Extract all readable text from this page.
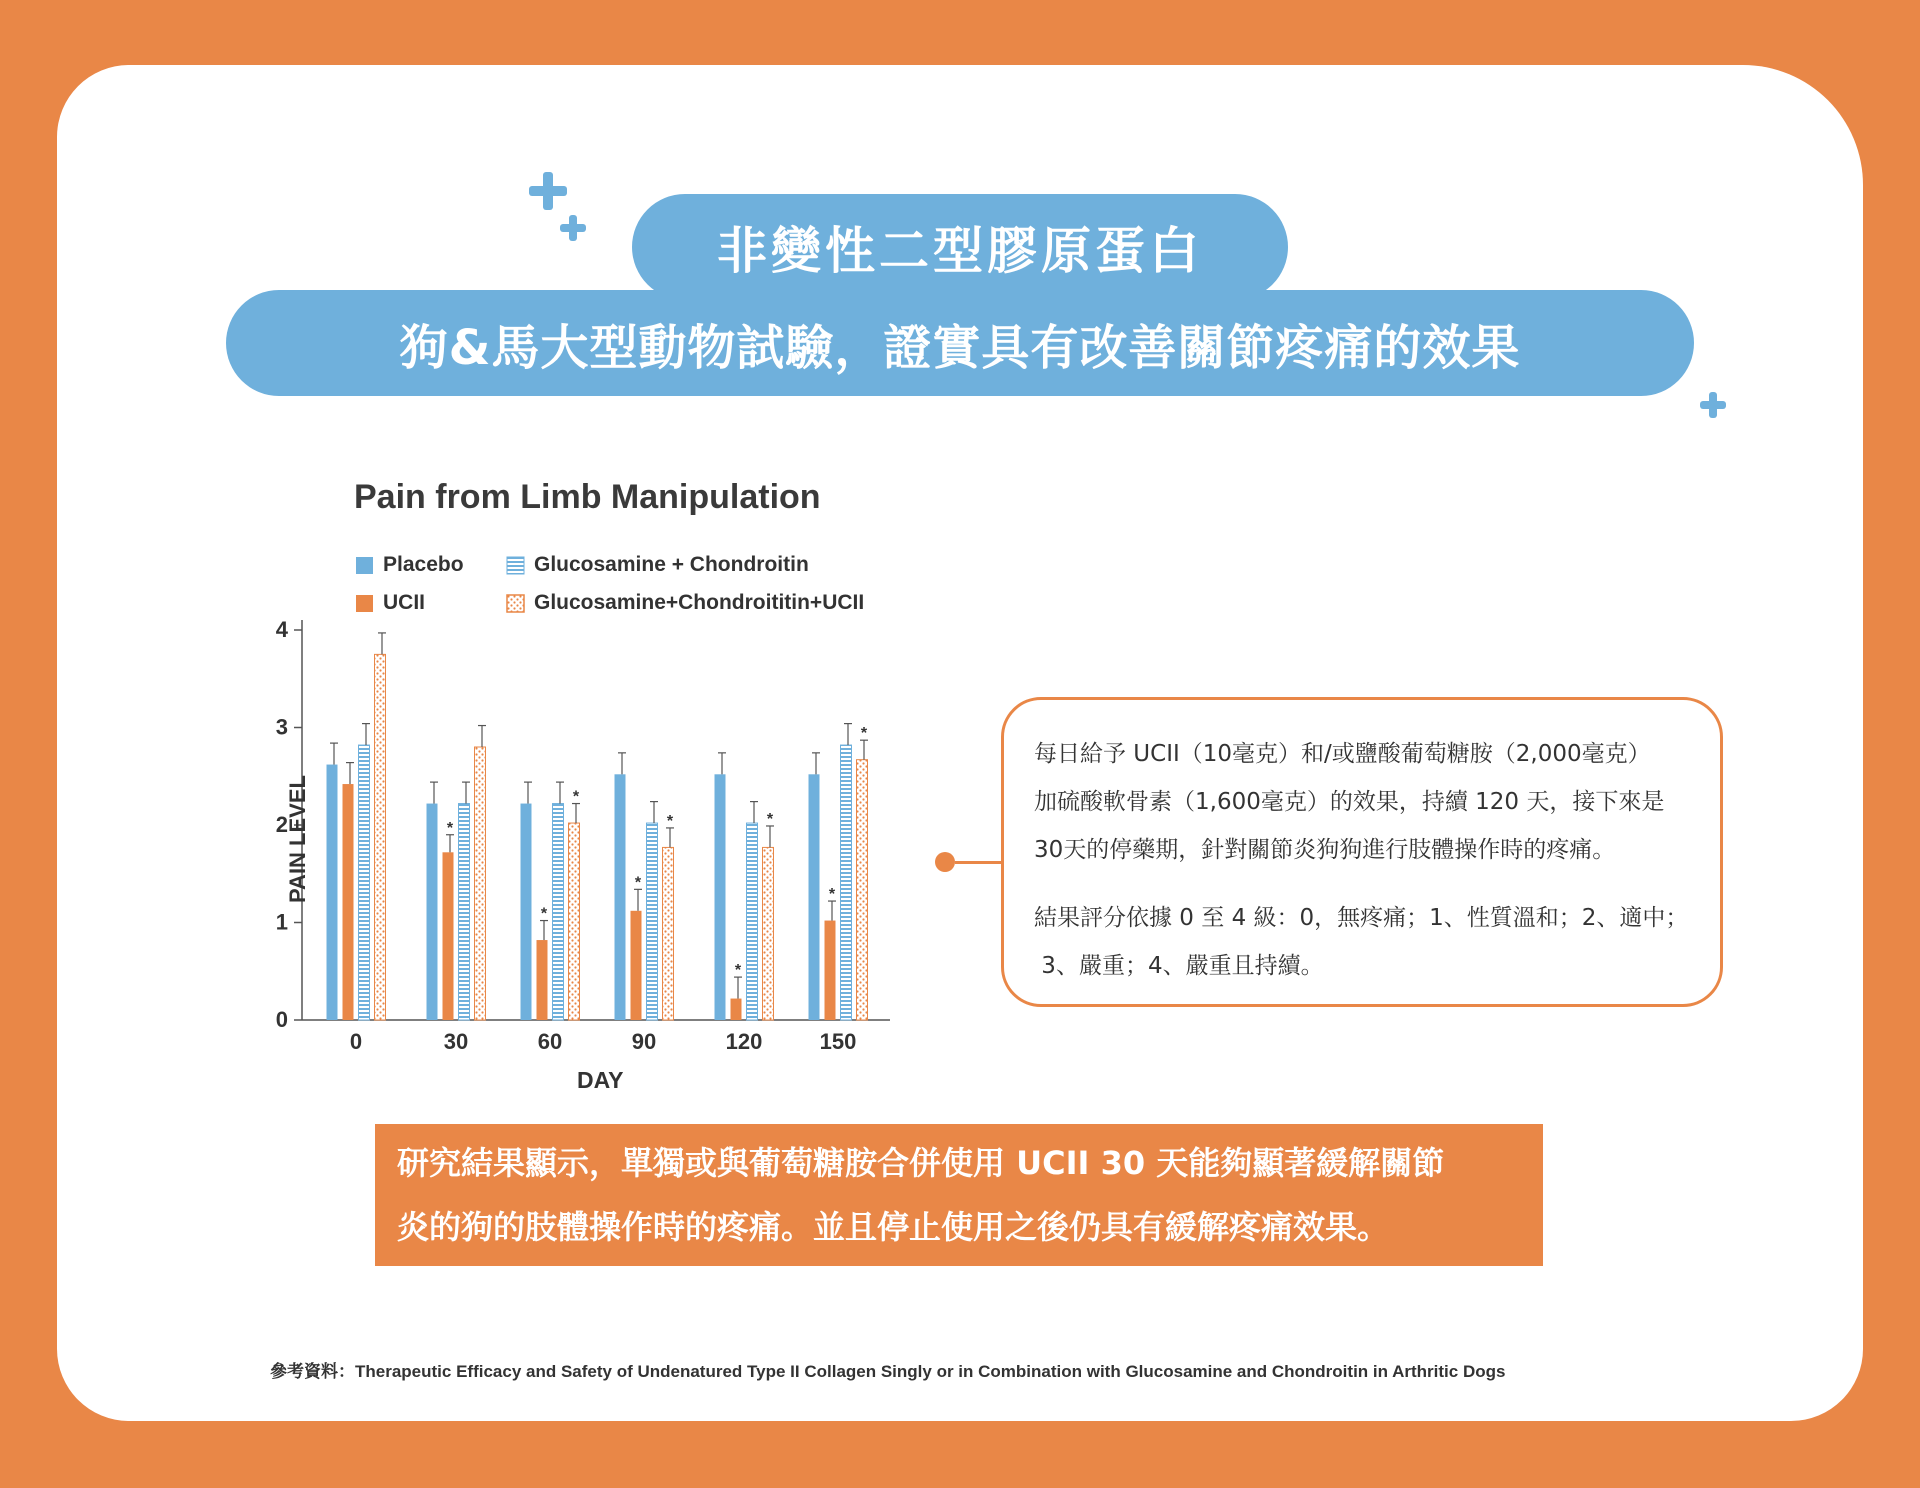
非變性二型膠原蛋白
狗&馬大型動物試驗，證實具有改善關節疼痛的效果
Pain from Limb Manipulation
Placebo
UCII
Glucosamine + Chondroitin
Glucosamine+Chondroititin+UCII
0
1
2
3
4
0
*
30
*
*
60
*
*
90
*
*
120
*
*
150
PAIN LEVEL
DAY

每日給予 UCII（10毫克）和/或鹽酸葡萄糖胺（2,000毫克）

加硫酸軟骨素（1,600毫克）的效果，持續 120 天，接下來是

30天的停藥期，針對關節炎狗狗進行肢體操作時的疼痛。

結果評分依據 0 至 4 級：0，無疼痛；1、性質溫和；2、適中；

3、嚴重；4、嚴重且持續。

研究結果顯示，單獨或與葡萄糖胺合併使用 UCII 30 天能夠顯著緩解關節

炎的狗的肢體操作時的疼痛。並且停止使用之後仍具有緩解疼痛效果。

參考資料：Therapeutic Efficacy and Safety of Undenatured Type II Collagen Singly or in Combination with Glucosamine and Chondroitin in Arthritic Dogs
